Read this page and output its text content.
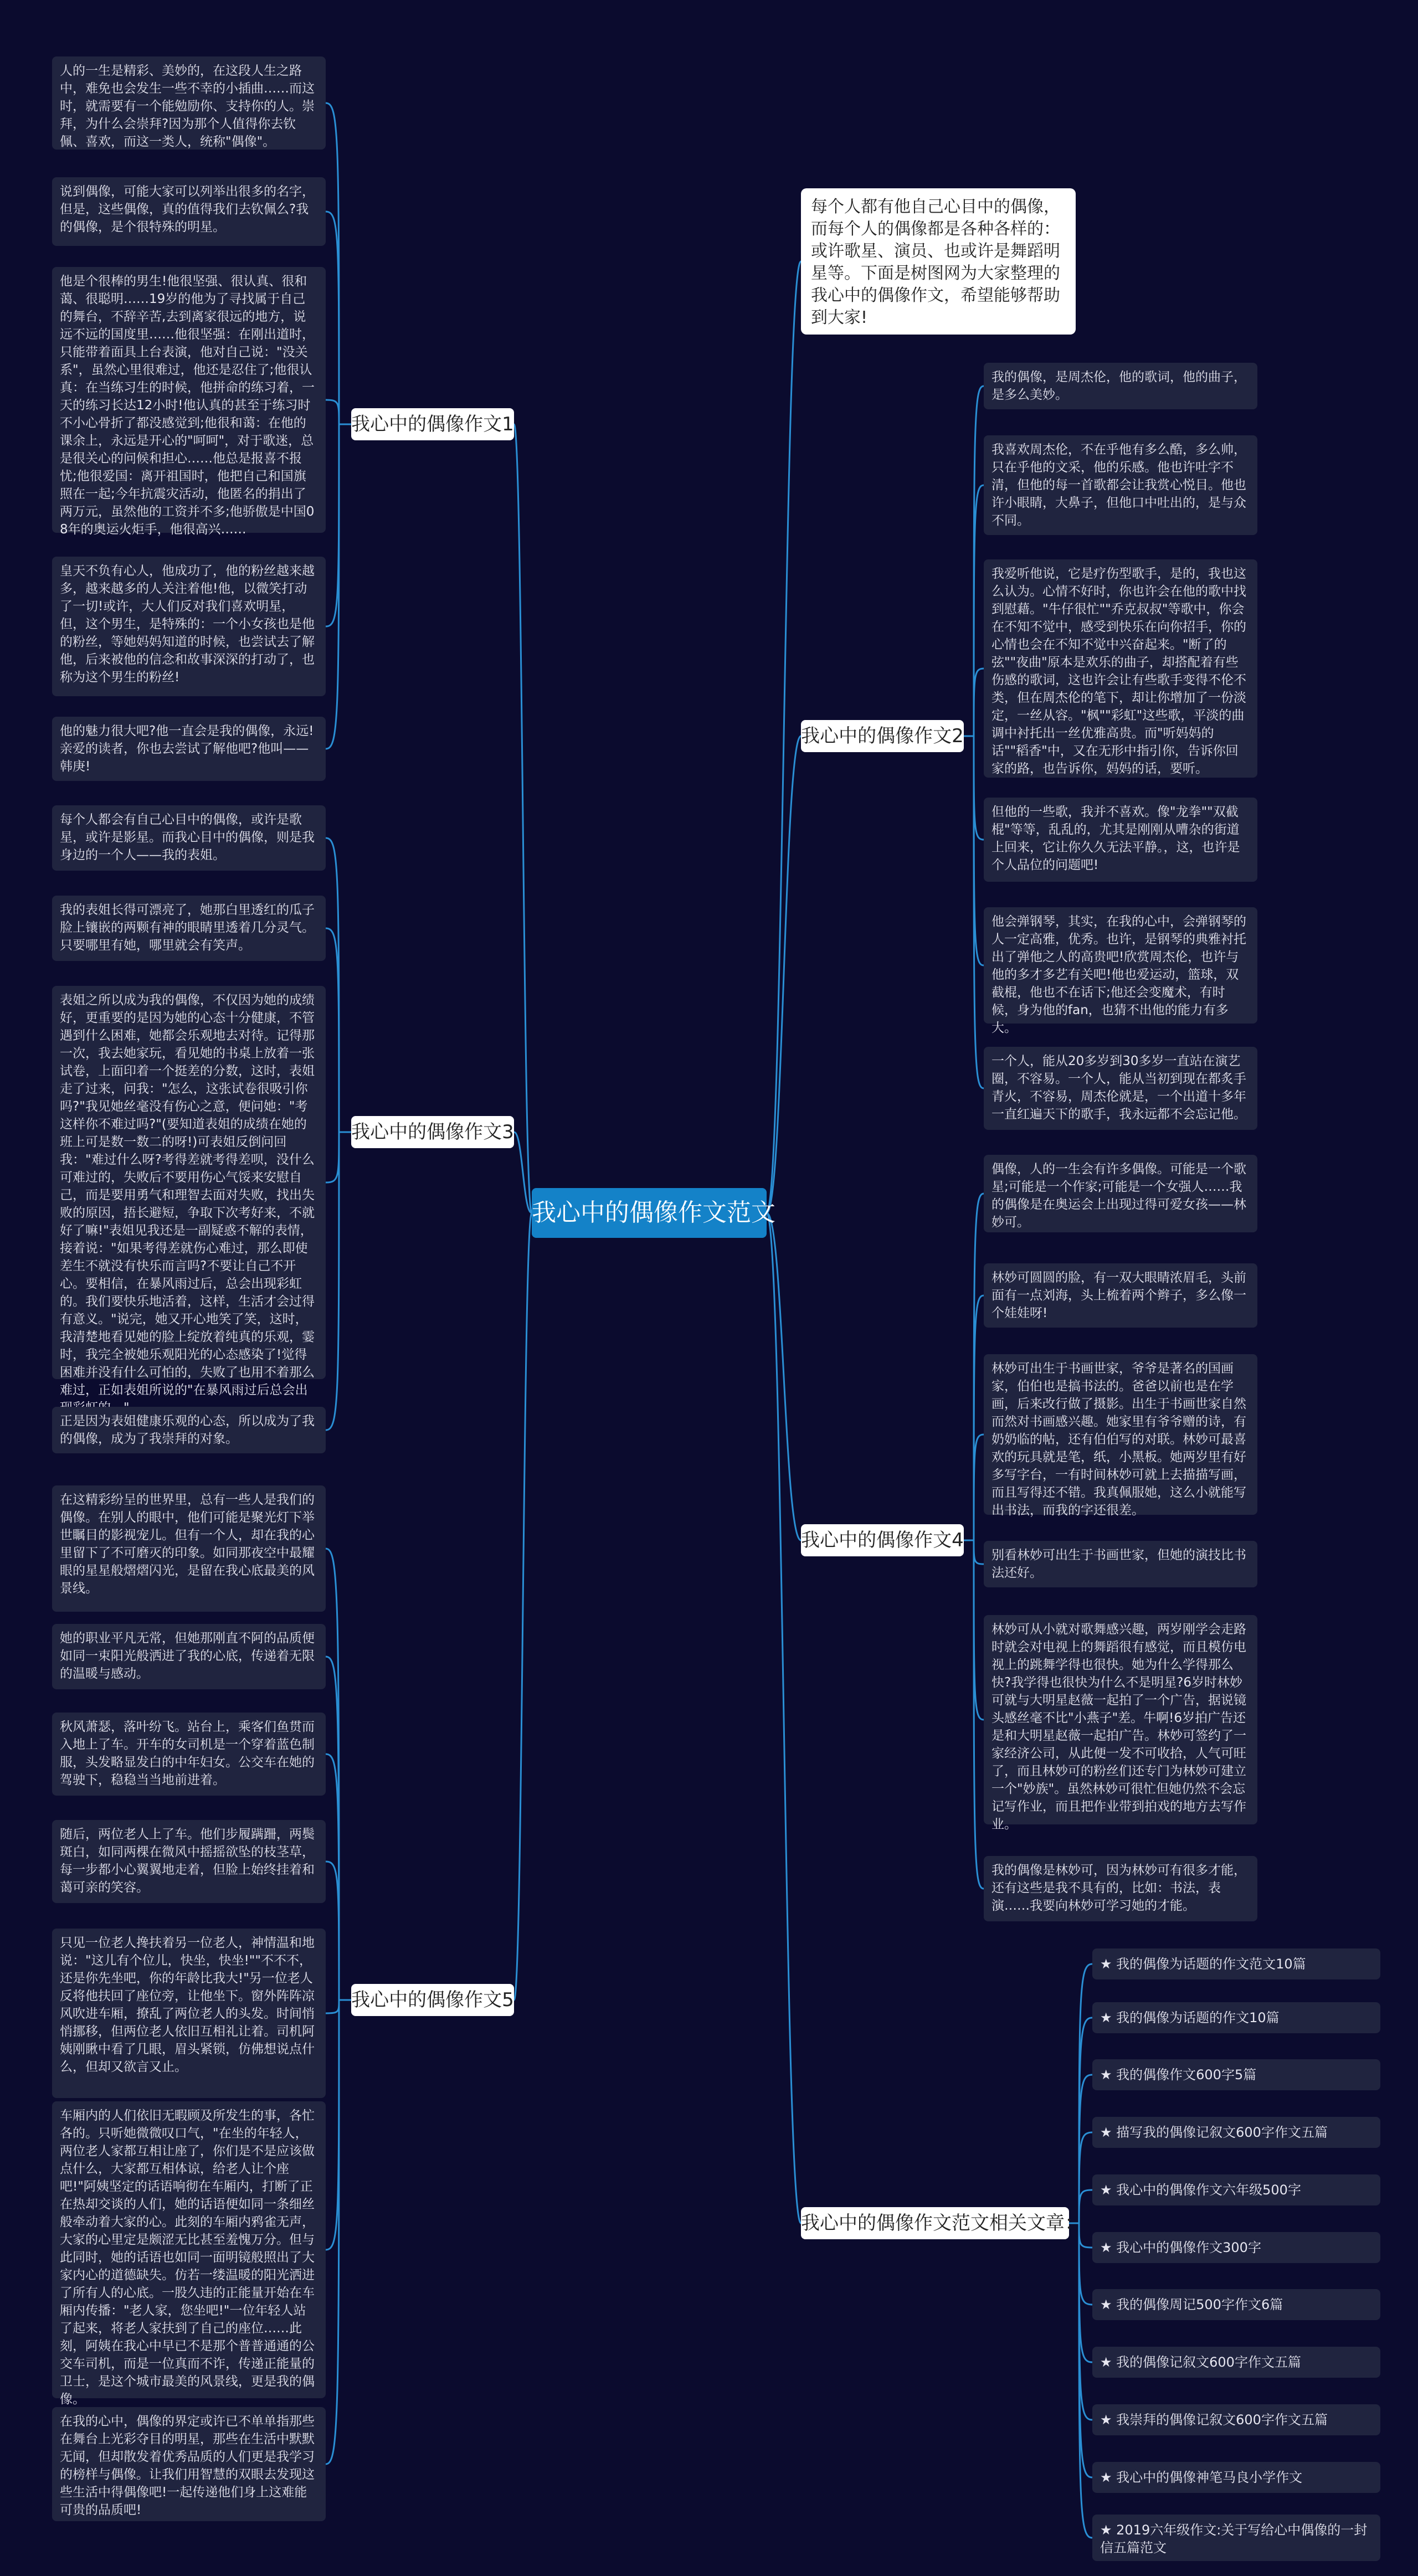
我心中的偶像作文范文
每个人都有他自己心目中的偶像，而每个人的偶像都是各种各样的：或许歌星、演员、也或许是舞蹈明星等。下面是树图网为大家整理的我心中的偶像作文，希望能够帮助到大家!
我心中的偶像作文1
人的一生是精彩、美妙的，在这段人生之路中，难免也会发生一些不幸的小插曲……而这时，就需要有一个能勉励你、支持你的人。崇拜，为什么会崇拜?因为那个人值得你去钦佩、喜欢，而这一类人，统称"偶像"。
说到偶像，可能大家可以列举出很多的名字，但是，这些偶像，真的值得我们去钦佩么?我的偶像，是个很特殊的明星。
他是个很棒的男生!他很坚强、很认真、很和蔼、很聪明……19岁的他为了寻找属于自己的舞台，不辞辛苦,去到离家很远的地方，说远不远的国度里……他很坚强：在刚出道时，只能带着面具上台表演，他对自己说："没关系"，虽然心里很难过，他还是忍住了;他很认真：在当练习生的时候，他拼命的练习着，一天的练习长达12小时!他认真的甚至于练习时不小心骨折了都没感觉到;他很和蔼：在他的课余上，永远是开心的"呵呵"，对于歌迷，总是很关心的问候和担心……他总是报喜不报忧;他很爱国：离开祖国时，他把自己和国旗照在一起;今年抗震灾活动，他匿名的捐出了两万元，虽然他的工资并不多;他骄傲是中国08年的奥运火炬手，他很高兴……
皇天不负有心人，他成功了，他的粉丝越来越多，越来越多的人关注着他!他，以微笑打动了一切!或许，大人们反对我们喜欢明星，但，这个男生，是特殊的：一个小女孩也是他的粉丝，等她妈妈知道的时候，也尝试去了解他，后来被他的信念和故事深深的打动了，也称为这个男生的粉丝!
他的魅力很大吧?他一直会是我的偶像，永远!亲爱的读者，你也去尝试了解他吧?他叫——韩庚!
我心中的偶像作文3
每个人都会有自己心目中的偶像，或许是歌星，或许是影星。而我心目中的偶像，则是我身边的一个人——我的表姐。
我的表姐长得可漂亮了，她那白里透红的瓜子脸上镶嵌的两颗有神的眼睛里透着几分灵气。只要哪里有她，哪里就会有笑声。
表姐之所以成为我的偶像，不仅因为她的成绩好，更重要的是因为她的心态十分健康，不管遇到什么困难，她都会乐观地去对待。记得那一次，我去她家玩，看见她的书桌上放着一张试卷，上面印着一个挺差的分数，这时，表姐走了过来，问我："怎么，这张试卷很吸引你吗?"我见她丝毫没有伤心之意，便问她："考这样你不难过吗?"(要知道表姐的成绩在她的班上可是数一数二的呀!)可表姐反倒问回我："难过什么呀?考得差就考得差呗，没什么可难过的，失败后不要用伤心气馁来安慰自己，而是要用勇气和理智去面对失败，找出失败的原因，捂长避短，争取下次考好来，不就好了嘛!"表姐见我还是一副疑惑不解的表情，接着说："如果考得差就伤心难过，那么即使差生不就没有快乐而言吗?不要让自己不开心。要相信，在暴风雨过后，总会出现彩虹的。我们要快乐地活着，这样，生活才会过得有意义。"说完，她又开心地笑了笑，这时，我清楚地看见她的脸上绽放着纯真的乐观，霎时，我完全被她乐观阳光的心态感染了!觉得困难并没有什么可怕的，失败了也用不着那么难过，正如表姐所说的"在暴风雨过后总会出
正是因为表姐健康乐观的心态，所以成为了我的偶像，成为了我崇拜的对象。
我心中的偶像作文5
在这精彩纷呈的世界里，总有一些人是我们的偶像。在别人的眼中，他们可能是聚光灯下举世瞩目的影视宠儿。但有一个人，却在我的心里留下了不可磨灭的印象。如同那夜空中最耀眼的星星般熠熠闪光，是留在我心底最美的风景线。
她的职业平凡无常，但她那刚直不阿的品质便如同一束阳光般洒进了我的心底，传递着无限的温暖与感动。
秋风萧瑟，落叶纷飞。站台上，乘客们鱼贯而入地上了车。开车的女司机是一个穿着蓝色制服，头发略显发白的中年妇女。公交车在她的驾驶下，稳稳当当地前进着。
随后，两位老人上了车。他们步履蹒跚，两鬓斑白，如同两棵在微风中摇摇欲坠的枝茎草，每一步都小心翼翼地走着，但脸上始终挂着和蔼可亲的笑容。
只见一位老人搀扶着另一位老人，神情温和地说："这儿有个位儿，快坐，快坐!""不不不，还是你先坐吧，你的年龄比我大!"另一位老人反将他扶回了座位旁，让他坐下。窗外阵阵凉风吹进车厢，撩乱了两位老人的头发。时间悄悄挪移，但两位老人依旧互相礼让着。司机阿姨刚瞅中看了几眼，眉头紧锁，仿佛想说点什么，但却又欲言又止。
车厢内的人们依旧无暇顾及所发生的事，各忙各的。只听她微微叹口气，"在坐的年轻人，两位老人家都互相让座了，你们是不是应该做点什么，大家都互相体谅，给老人让个座吧!"阿姨坚定的话语响彻在车厢内，打断了正在热却交谈的人们，她的话语便如同一条细丝般牵动着大家的心。此刻的车厢内鸦雀无声，大家的心里定是颇涩无比甚至羞愧万分。但与此同时，她的话语也如同一面明镜般照出了大家内心的道德缺失。仿若一缕温暖的阳光洒进了所有人的心底。一股久违的正能量开始在车厢内传播："老人家，您坐吧!"一位年轻人站了起来，将老人家扶到了自己的座位……此刻，阿姨在我心中早已不是那个普普通通的公交车司机，而是一位真而不诈，传递正能量的卫士，是这个城市最美的风景线，更是我的偶像。
在我的心中，偶像的界定或许已不单单指那些在舞台上光彩夺目的明星，那些在生活中默默无闻，但却散发着优秀品质的人们更是我学习的榜样与偶像。让我们用智慧的双眼去发现这些生活中得偶像吧!一起传递他们身上这难能可贵的品质吧!
我心中的偶像作文2
我的偶像，是周杰伦，他的歌词，他的曲子，是多么美妙。
我喜欢周杰伦，不在乎他有多么酷，多么帅，只在乎他的文采，他的乐感。他也许吐字不清，但他的每一首歌都会让我赏心悦目。他也许小眼睛，大鼻子，但他口中吐出的，是与众不同。
我爱听他说，它是疗伤型歌手，是的，我也这么认为。心情不好时，你也许会在他的歌中找到慰藉。"牛仔很忙""乔克叔叔"等歌中，你会在不知不觉中，感受到快乐在向你招手，你的心情也会在不知不觉中兴奋起来。"断了的弦""夜曲"原本是欢乐的曲子，却搭配着有些伤感的歌词，这也许会让有些歌手变得不伦不类，但在周杰伦的笔下，却让你增加了一份淡定，一丝从容。"枫""彩虹"这些歌，平淡的曲调中衬托出一丝优雅高贵。而"听妈妈的话""稻香"中，又在无形中指引你，告诉你回家的路，也告诉你，妈妈的话，要听。
但他的一些歌，我并不喜欢。像"龙拳""双截棍"等等，乱乱的，尤其是刚刚从嘈杂的街道上回来，它让你久久无法平静。，这，也许是个人品位的问题吧!
他会弹钢琴，其实，在我的心中，会弹钢琴的人一定高雅，优秀。也许，是钢琴的典雅衬托出了弹他之人的高贵吧!欣赏周杰伦，也许与他的多才多艺有关吧!他也爱运动，篮球，双截棍，他也不在话下;他还会变魔术，有时候，身为他的fan，也猜不出他的能力有多大。
一个人，能从20多岁到30多岁一直站在演艺圈，不容易。一个人，能从当初到现在都炙手青火，不容易，周杰伦就是，一个出道十多年一直红遍天下的歌手，我永远都不会忘记他。
我心中的偶像作文4
偶像，人的一生会有许多偶像。可能是一个歌星;可能是一个作家;可能是一个女强人……我的偶像是在奥运会上出现过得可爱女孩——林妙可。
林妙可圆圆的脸，有一双大眼睛浓眉毛，头前面有一点刘海，头上梳着两个辫子，多么像一个娃娃呀!
林妙可出生于书画世家，爷爷是著名的国画家，伯伯也是搞书法的。爸爸以前也是在学画，后来改行做了摄影。出生于书画世家自然而然对书画感兴趣。她家里有爷爷赠的诗，有奶奶临的帖，还有伯伯写的对联。林妙可最喜欢的玩具就是笔，纸，小黑板。她两岁里有好多写字台，一有时间林妙可就上去描描写画，而且写得还不错。我真佩服她，这么小就能写出书法，而我的字还很差。
别看林妙可出生于书画世家，但她的演技比书法还好。
林妙可从小就对歌舞感兴趣，两岁刚学会走路时就会对电视上的舞蹈很有感觉，而且模仿电视上的跳舞学得也很快。她为什么学得那么快?我学得也很快为什么不是明星?6岁时林妙可就与大明星赵薇一起拍了一个广告，据说镜头感丝毫不比"小燕子"差。牛啊!6岁拍广告还是和大明星赵薇一起拍广告。林妙可签约了一家经济公司，从此便一发不可收拾，人气可旺了，而且林妙可的粉丝们还专门为林妙可建立一个"妙族"。虽然林妙可很忙但她仍然不会忘记写作业，而且把作业带到拍戏的地方去写作业。
我的偶像是林妙可，因为林妙可有很多才能，还有这些是我不具有的，比如：书法，表演……我要向林妙可学习她的才能。
我心中的偶像作文范文相关文章：
★ 我的偶像为话题的作文范文10篇
★ 我的偶像为话题的作文10篇
★ 我的偶像作文600字5篇
★ 描写我的偶像记叙文600字作文五篇
★ 我心中的偶像作文六年级500字
★ 我心中的偶像作文300字
★ 我的偶像周记500字作文6篇
★ 我的偶像记叙文600字作文五篇
★ 我崇拜的偶像记叙文600字作文五篇
★ 我心中的偶像神笔马良小学作文
★ 2019六年级作文:关于写给心中偶像的一封信五篇范文
